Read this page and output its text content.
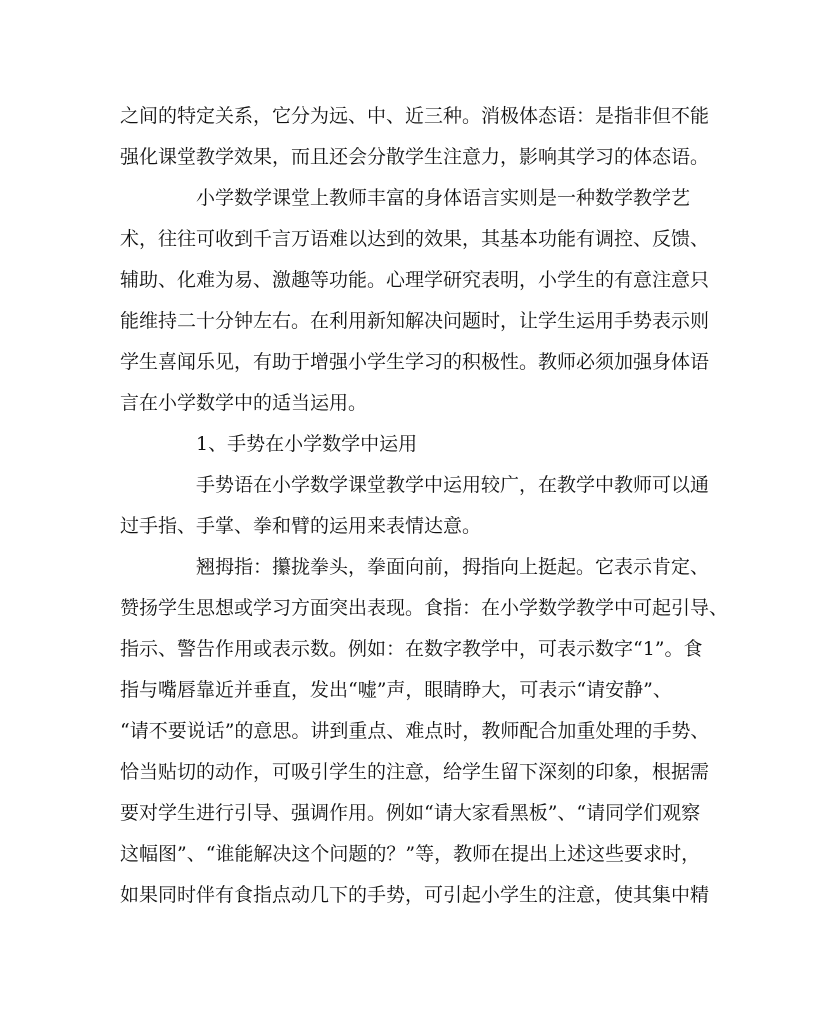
之间的特定关系，它分为远、中、近三种。消极体态语：是指非但不能
强化课堂教学效果，而且还会分散学生注意力，影响其学习的体态语。
小学数学课堂上教师丰富的身体语言实则是一种数学教学艺
术，往往可收到千言万语难以达到的效果，其基本功能有调控、反馈、
辅助、化难为易、激趣等功能。心理学研究表明，小学生的有意注意只
能维持二十分钟左右。在利用新知解决问题时，让学生运用手势表示则
学生喜闻乐见，有助于增强小学生学习的积极性。教师必须加强身体语
言在小学数学中的适当运用。
1、手势在小学数学中运用
手势语在小学数学课堂教学中运用较广，在教学中教师可以通
过手指、手掌、拳和臂的运用来表情达意。
翘拇指：攥拢拳头，拳面向前，拇指向上挺起。它表示肯定、
赞扬学生思想或学习方面突出表现。食指：在小学数学教学中可起引导、
指示、警告作用或表示数。例如：在数字教学中，可表示数字“1”。食
指与嘴唇靠近并垂直，发出“嘘”声，眼睛睁大，可表示“请安静”、
“请不要说话”的意思。讲到重点、难点时，教师配合加重处理的手势、
恰当贴切的动作，可吸引学生的注意，给学生留下深刻的印象，根据需
要对学生进行引导、强调作用。例如“请大家看黑板”、“请同学们观察
这幅图”、“谁能解决这个问题的？”等，教师在提出上述这些要求时，
如果同时伴有食指点动几下的手势，可引起小学生的注意，使其集中精
